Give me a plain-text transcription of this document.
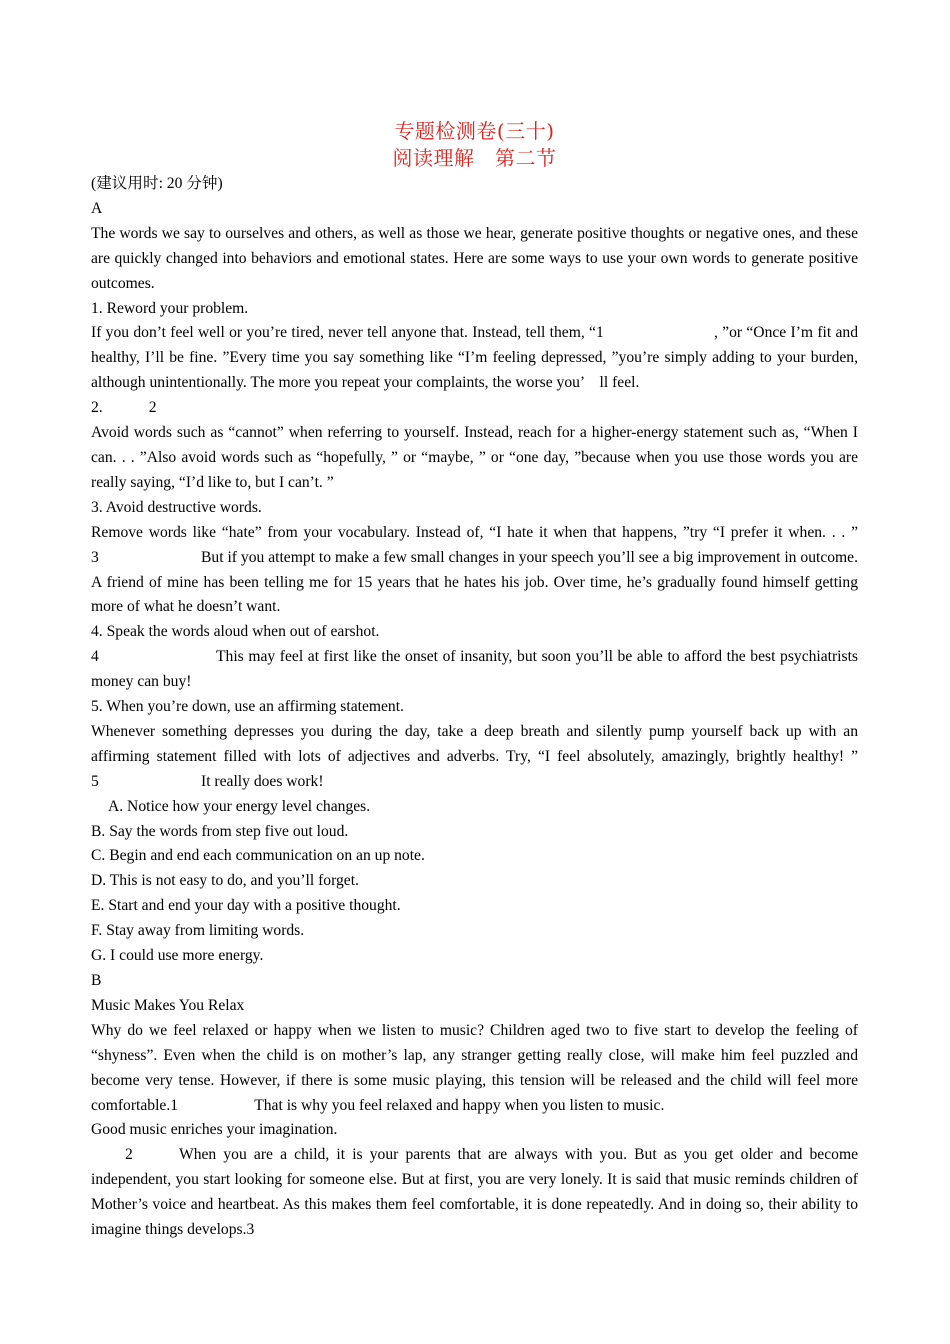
专题检测卷(三十)
阅读理解　第二节

(建议用时: 20 分钟)

A

The words we say to ourselves and others, as well as those we hear, generate positive thoughts or negative ones, and these are quickly changed into behaviors and emotional states. Here are some ways to use your own words to generate positive outcomes.

1. Reword your problem.

If you don’t feel well or you’re tired, never tell anyone that. Instead, tell them, “1	, ”or “Once I’m fit and healthy, I’ll be fine. ”Every time you say something like “I’m feeling depressed, ”you’re simply adding to your burden, although unintentionally. The more you repeat your complaints, the worse you’　ll feel.

2.	2

Avoid words such as “cannot” when referring to yourself. Instead, reach for a higher-energy statement such as, “When I can. . . ”Also avoid words such as “hopefully, ” or “maybe, ” or “one day, ”because when you use those words you are really saying, “I’d like to, but I can’t. ”

3. Avoid destructive words.

Remove words like “hate” from your vocabulary. Instead of, “I hate it when that happens, ”try “I prefer it when. . . ”3	But if you attempt to make a few small changes in your speech you’ll see a big improvement in outcome. A friend of mine has been telling me for 15 years that he hates his job. Over time, he’s gradually found himself getting more of what he doesn’t want.

4. Speak the words aloud when out of earshot.

4	This may feel at first like the onset of insanity, but soon you’ll be able to afford the best psychiatrists money can buy!

5. When you’re down, use an affirming statement.

Whenever something depresses you during the day, take a deep breath and silently pump yourself back up with an affirming statement filled with lots of adjectives and adverbs. Try, “I feel absolutely, amazingly, brightly healthy! ”5	It really does work!

A. Notice how your energy level changes.

B. Say the words from step five out loud.

C. Begin and end each communication on an up note.

D. This is not easy to do, and you’ll forget.

E. Start and end your day with a positive thought.

F. Stay away from limiting words.

G. I could use more energy.

B

Music Makes You Relax

Why do we feel relaxed or happy when we listen to music? Children aged two to five start to develop the feeling of “shyness”. Even when the child is on mother’s lap, any stranger getting really close, will make him feel puzzled and become very tense. However, if there is some music playing, this tension will be released and the child will feel more comfortable.1	That is why you feel relaxed and happy when you listen to music.

Good music enriches your imagination.

2	When you are a child, it is your parents that are always with you. But as you get older and become independent, you start looking for someone else. But at first, you are very lonely. It is said that music reminds children of Mother’s voice and heartbeat. As this makes them feel comfortable, it is done repeatedly. And in doing so, their ability to imagine things develops.3
